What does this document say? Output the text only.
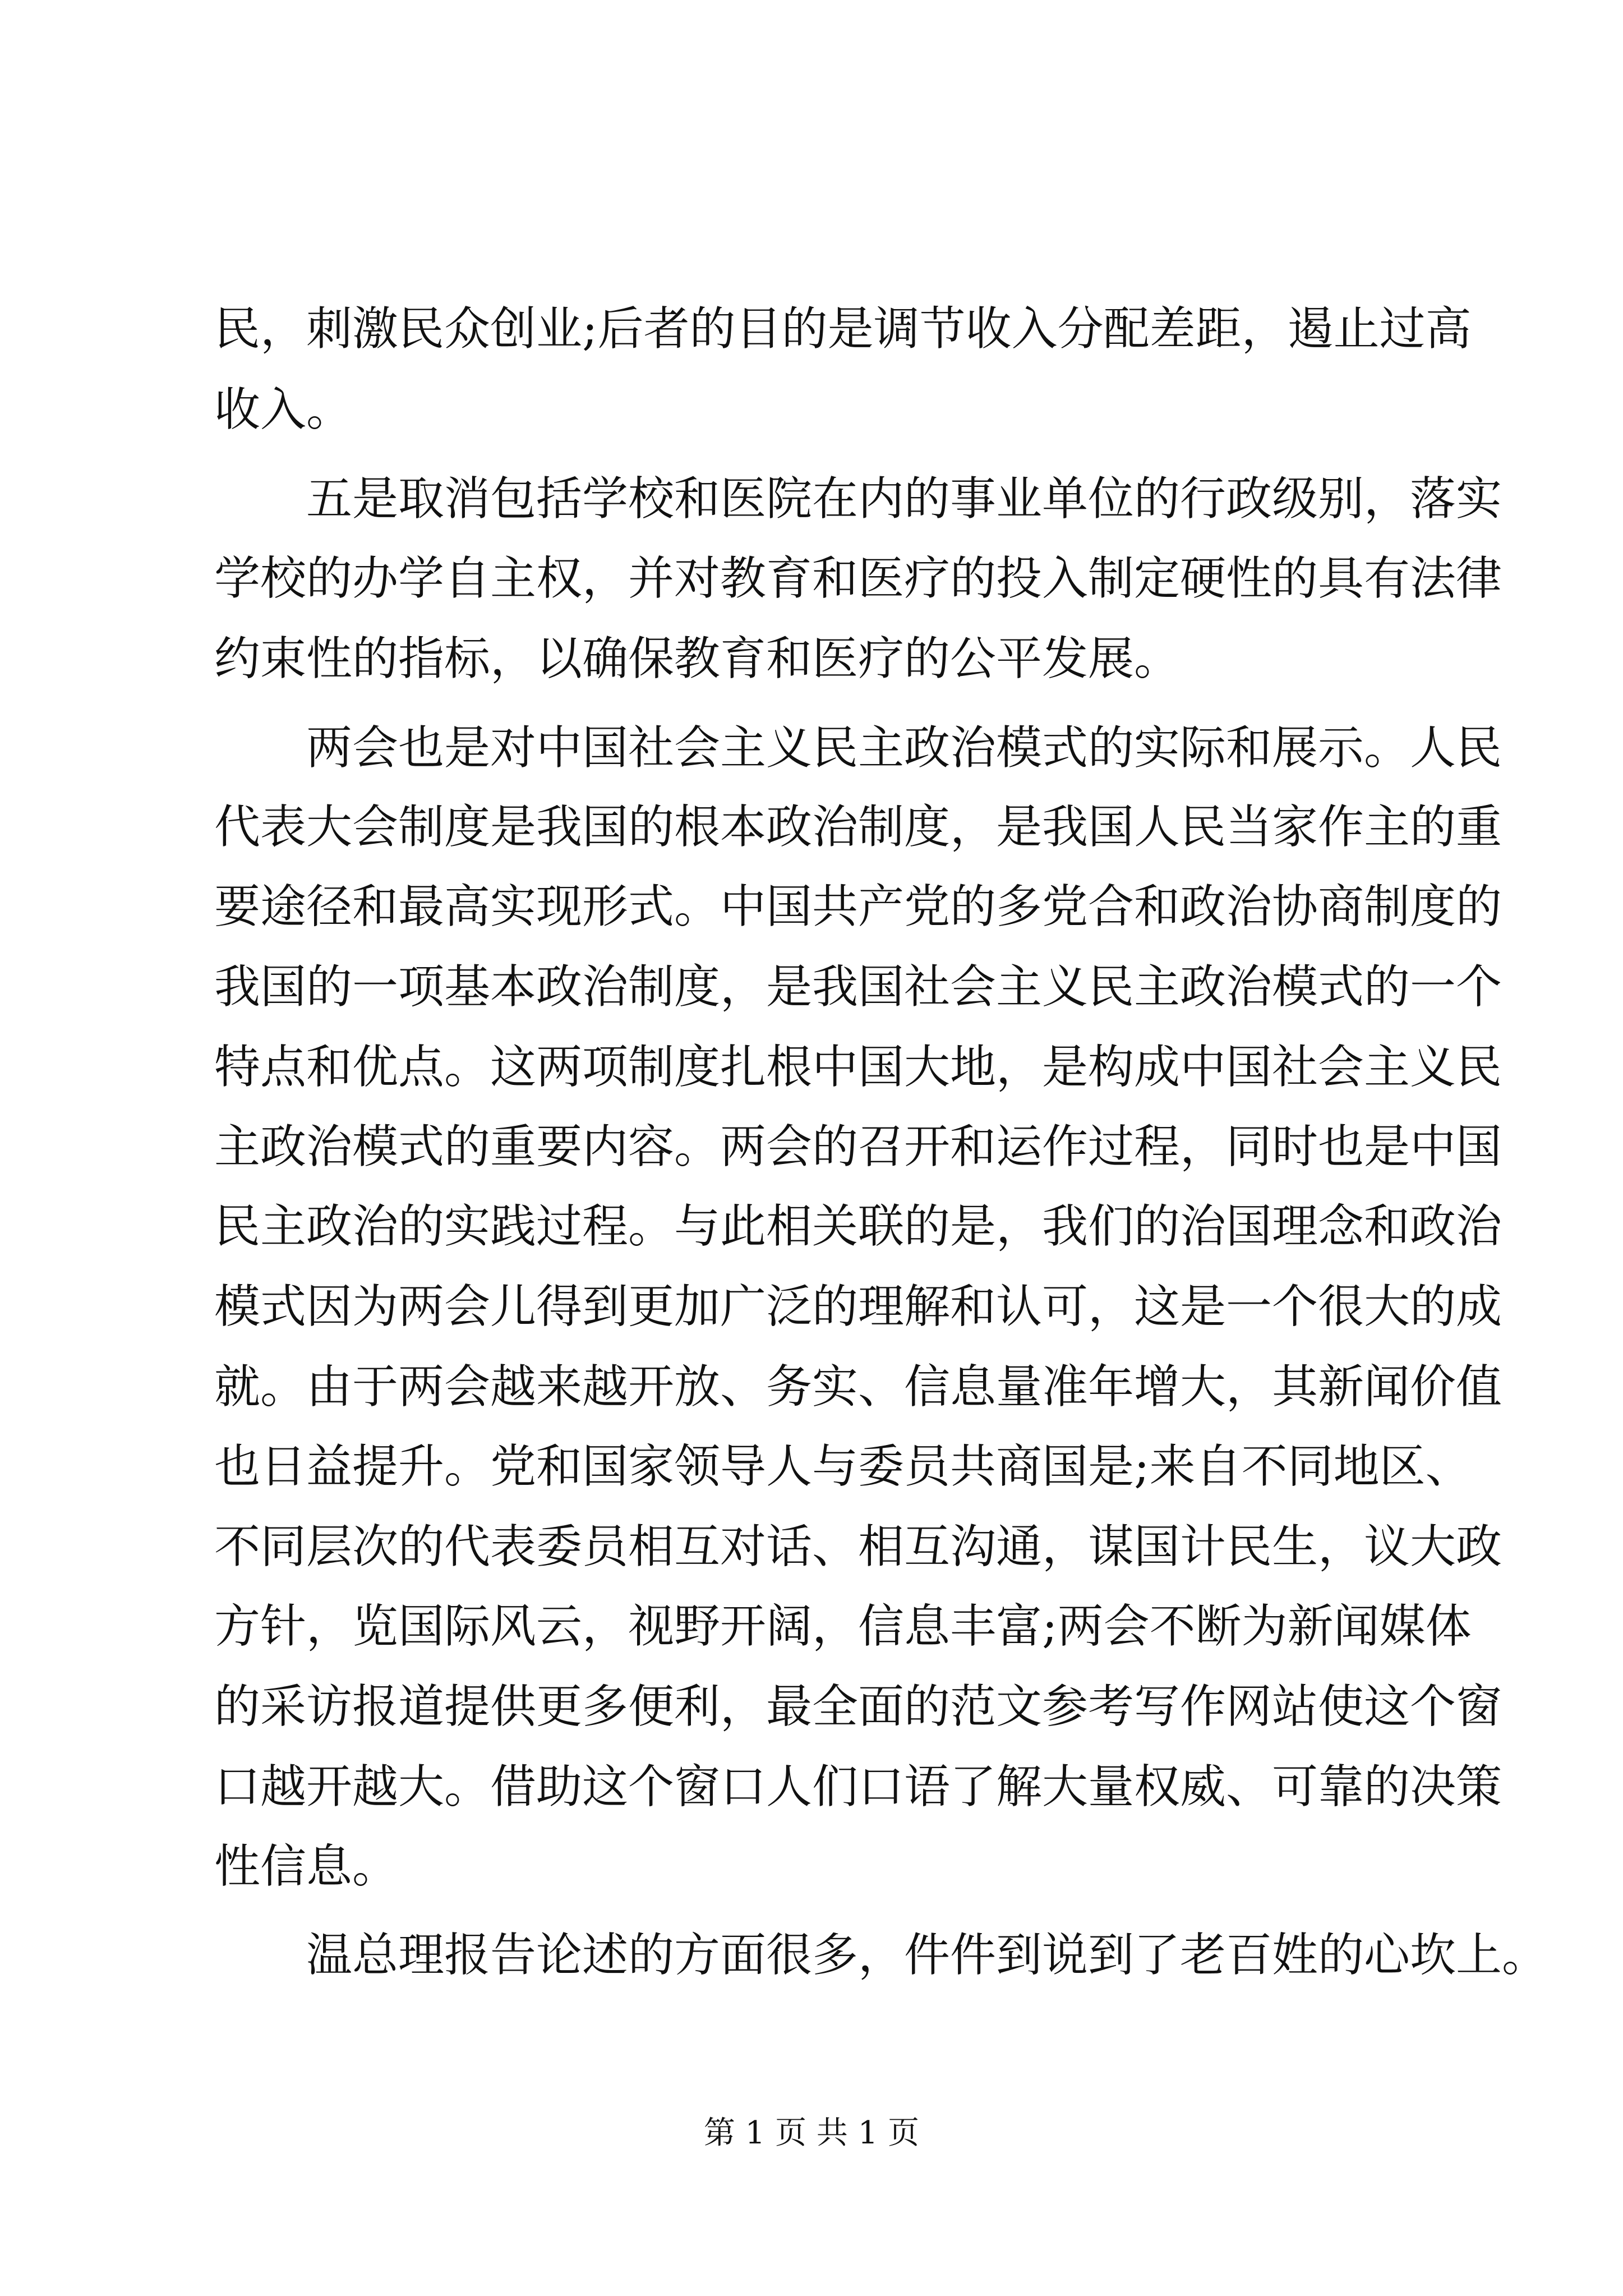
民，刺激民众创业;后者的目的是调节收入分配差距，遏止过高
收入。
五是取消包括学校和医院在内的事业单位的行政级别，落实
学校的办学自主权，并对教育和医疗的投入制定硬性的具有法律
约束性的指标，以确保教育和医疗的公平发展。
两会也是对中国社会主义民主政治模式的实际和展示。人民
代表大会制度是我国的根本政治制度，是我国人民当家作主的重
要途径和最高实现形式。中国共产党的多党合和政治协商制度的
我国的一项基本政治制度，是我国社会主义民主政治模式的一个
特点和优点。这两项制度扎根中国大地，是构成中国社会主义民
主政治模式的重要内容。两会的召开和运作过程，同时也是中国
民主政治的实践过程。与此相关联的是，我们的治国理念和政治
模式因为两会儿得到更加广泛的理解和认可，这是一个很大的成
就。由于两会越来越开放、务实、信息量准年增大，其新闻价值
也日益提升。党和国家领导人与委员共商国是;来自不同地区、
不同层次的代表委员相互对话、相互沟通，谋国计民生，议大政
方针，览国际风云，视野开阔，信息丰富;两会不断为新闻媒体
的采访报道提供更多便利，最全面的范文参考写作网站使这个窗
口越开越大。借助这个窗口人们口语了解大量权威、可靠的决策
性信息。
温总理报告论述的方面很多，件件到说到了老百姓的心坎上。
第 1 页 共 1 页
